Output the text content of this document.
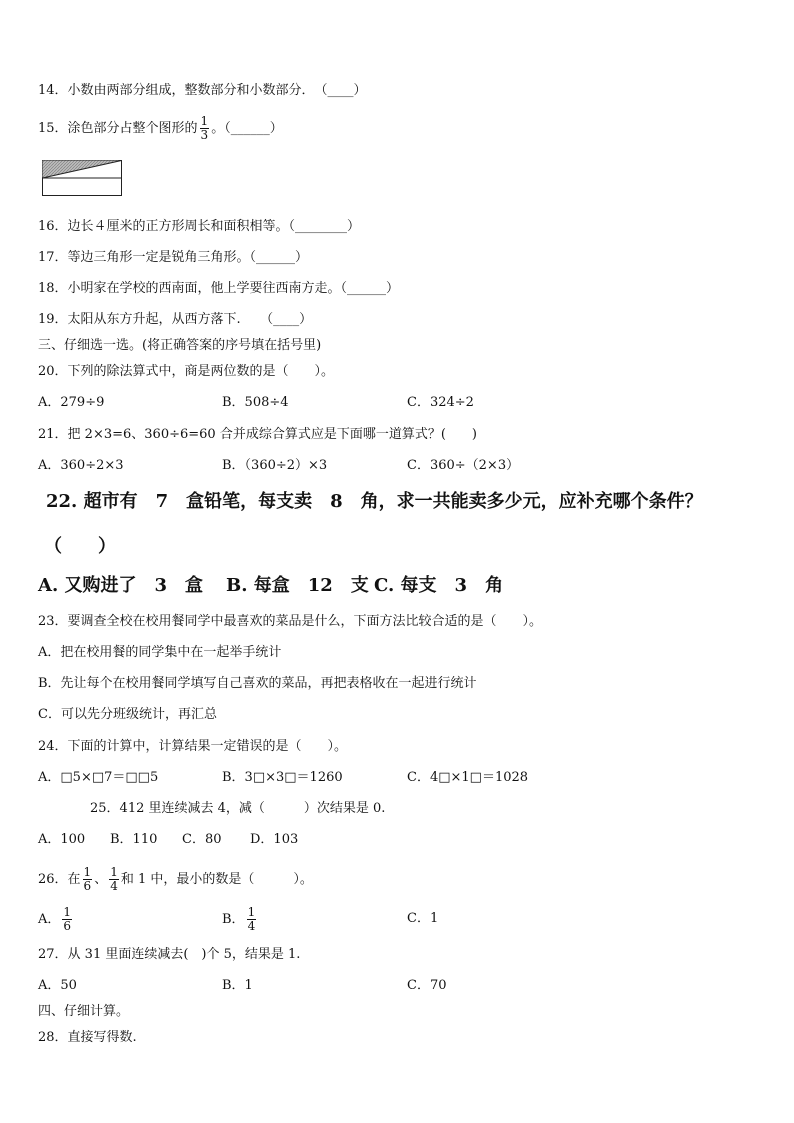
14．小数由两部分组成，整数部分和小数部分．　（____）
15．涂色部分占整个图形的 $\frac{1}{3}$ 。（______）
16．边长４厘米的正方形周长和面积相等。（________）
17．等边三角形一定是锐角三角形。（______）
18．小明家在学校的西南面，他上学要往西南方走。（______）
19．太阳从东方升起，从西方落下.　　（____）
三、仔细选一选。(将正确答案的序号填在括号里)
20．下列的除法算式中，商是两位数的是（　　）。
A．279÷9	B．508÷4	C．324÷2
21．把 2×3=6、360÷6=60 合并成综合算式应是下面哪一道算式？(　　)
A．360÷2×3	B．（360÷2）×3	C．360÷（2×3）
22. 超市有　7　盒铅笔，每支卖　8　角，求一共能卖多少元，应补充哪个条件？
（　　）
A. 又购进了　3　盒 B. 每盒　12　支 C. 每支　3　角
23．要调查全校在校用餐同学中最喜欢的菜品是什么，下面方法比较合适的是（　　）。
A．把在校用餐的同学集中在一起举手统计
B．先让每个在校用餐同学填写自己喜欢的菜品，再把表格收在一起进行统计
C．可以先分班级统计，再汇总
24．下面的计算中，计算结果一定错误的是（　　）。
A．□5×□7＝□□5	B．3□×3□＝1260	C．4□×1□＝1028
25．412 里连续减去 4，减（　　　）次结果是 0.
A．100 B．110 C．80 D．103
26．在 $\frac{1}{6}$ 、 $\frac{1}{4}$ 和 1 中，最小的数是（　　　）。
A． $\frac{1}{6}$	B． $\frac{1}{4}$	C．1
27．从 31 里面连续减去(　)个 5，结果是 1.
A．50	B．1	C．70
四、仔细计算。
28．直接写得数.
